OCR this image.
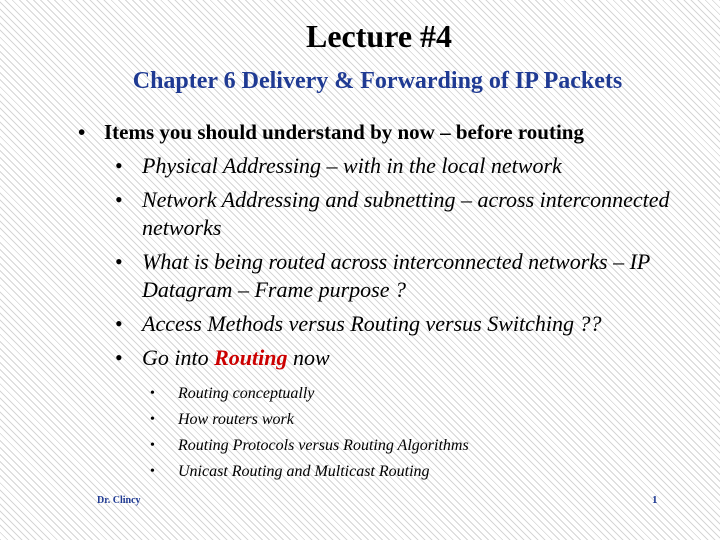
Lecture #4
Chapter 6 Delivery & Forwarding of IP Packets
• Items you should understand by now – before routing
• Physical Addressing – with in the local network
• Network Addressing and subnetting – across interconnected networks
• What is being routed across interconnected networks – IP Datagram – Frame purpose ?
• Access Methods versus Routing versus Switching ??
• Go into Routing now
• Routing conceptually
• How routers work
• Routing Protocols versus Routing Algorithms
• Unicast Routing and Multicast Routing
Dr. Clincy	1
